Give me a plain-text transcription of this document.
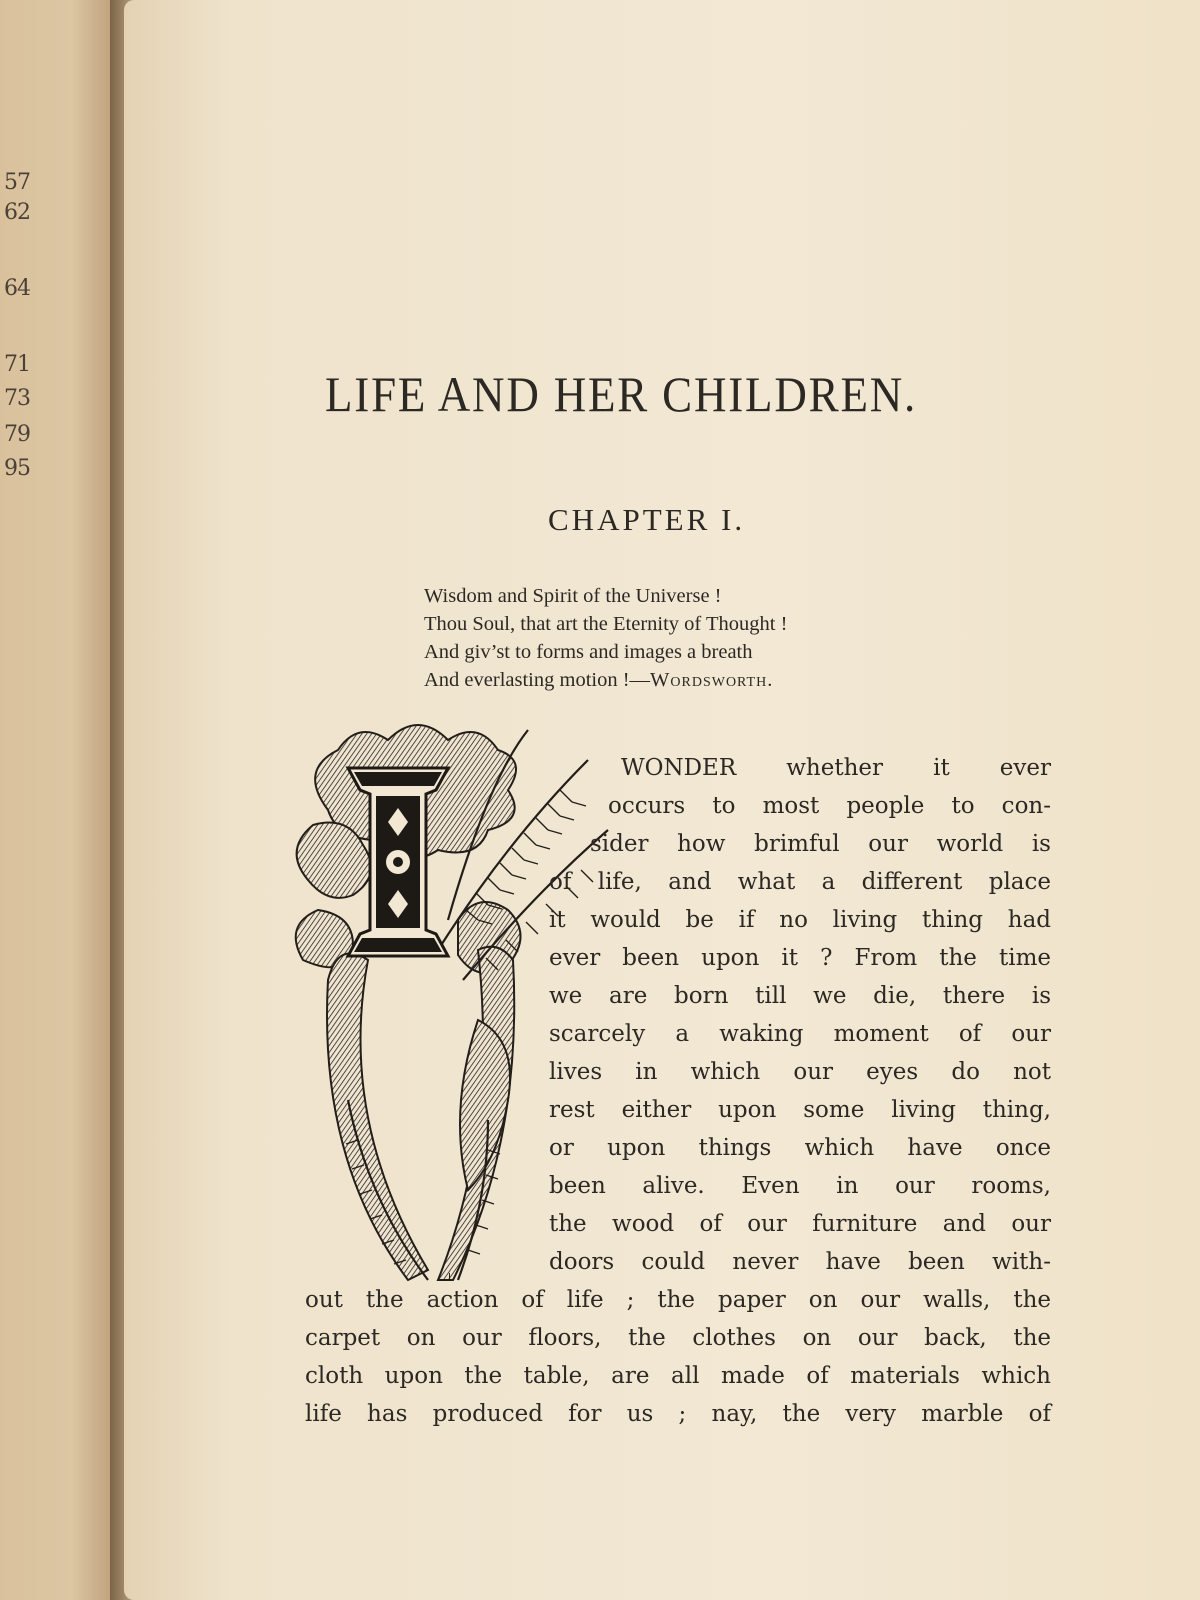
57
62
64
71
73
79
95
LIFE AND HER CHILDREN.
CHAPTER I.
Wisdom and Spirit of the Universe !
Thou Soul, that art the Eternity of Thought !
And giv’st to forms and images a breath
And everlasting motion !—Wordsworth.
I
WONDER whether it ever
occurs to most people to con-
sider how brimful our world is
of life, and what a different place
it would be if no living thing had
ever been upon it ? From the time
we are born till we die, there is
scarcely a waking moment of our
lives in which our eyes do not
rest either upon some living thing,
or upon things which have once
been alive. Even in our rooms,
the wood of our furniture and our
doors could never have been with-
out the action of life ; the paper on our walls, the
carpet on our floors, the clothes on our back, the
cloth upon the table, are all made of materials which
life has produced for us ; nay, the very marble of
